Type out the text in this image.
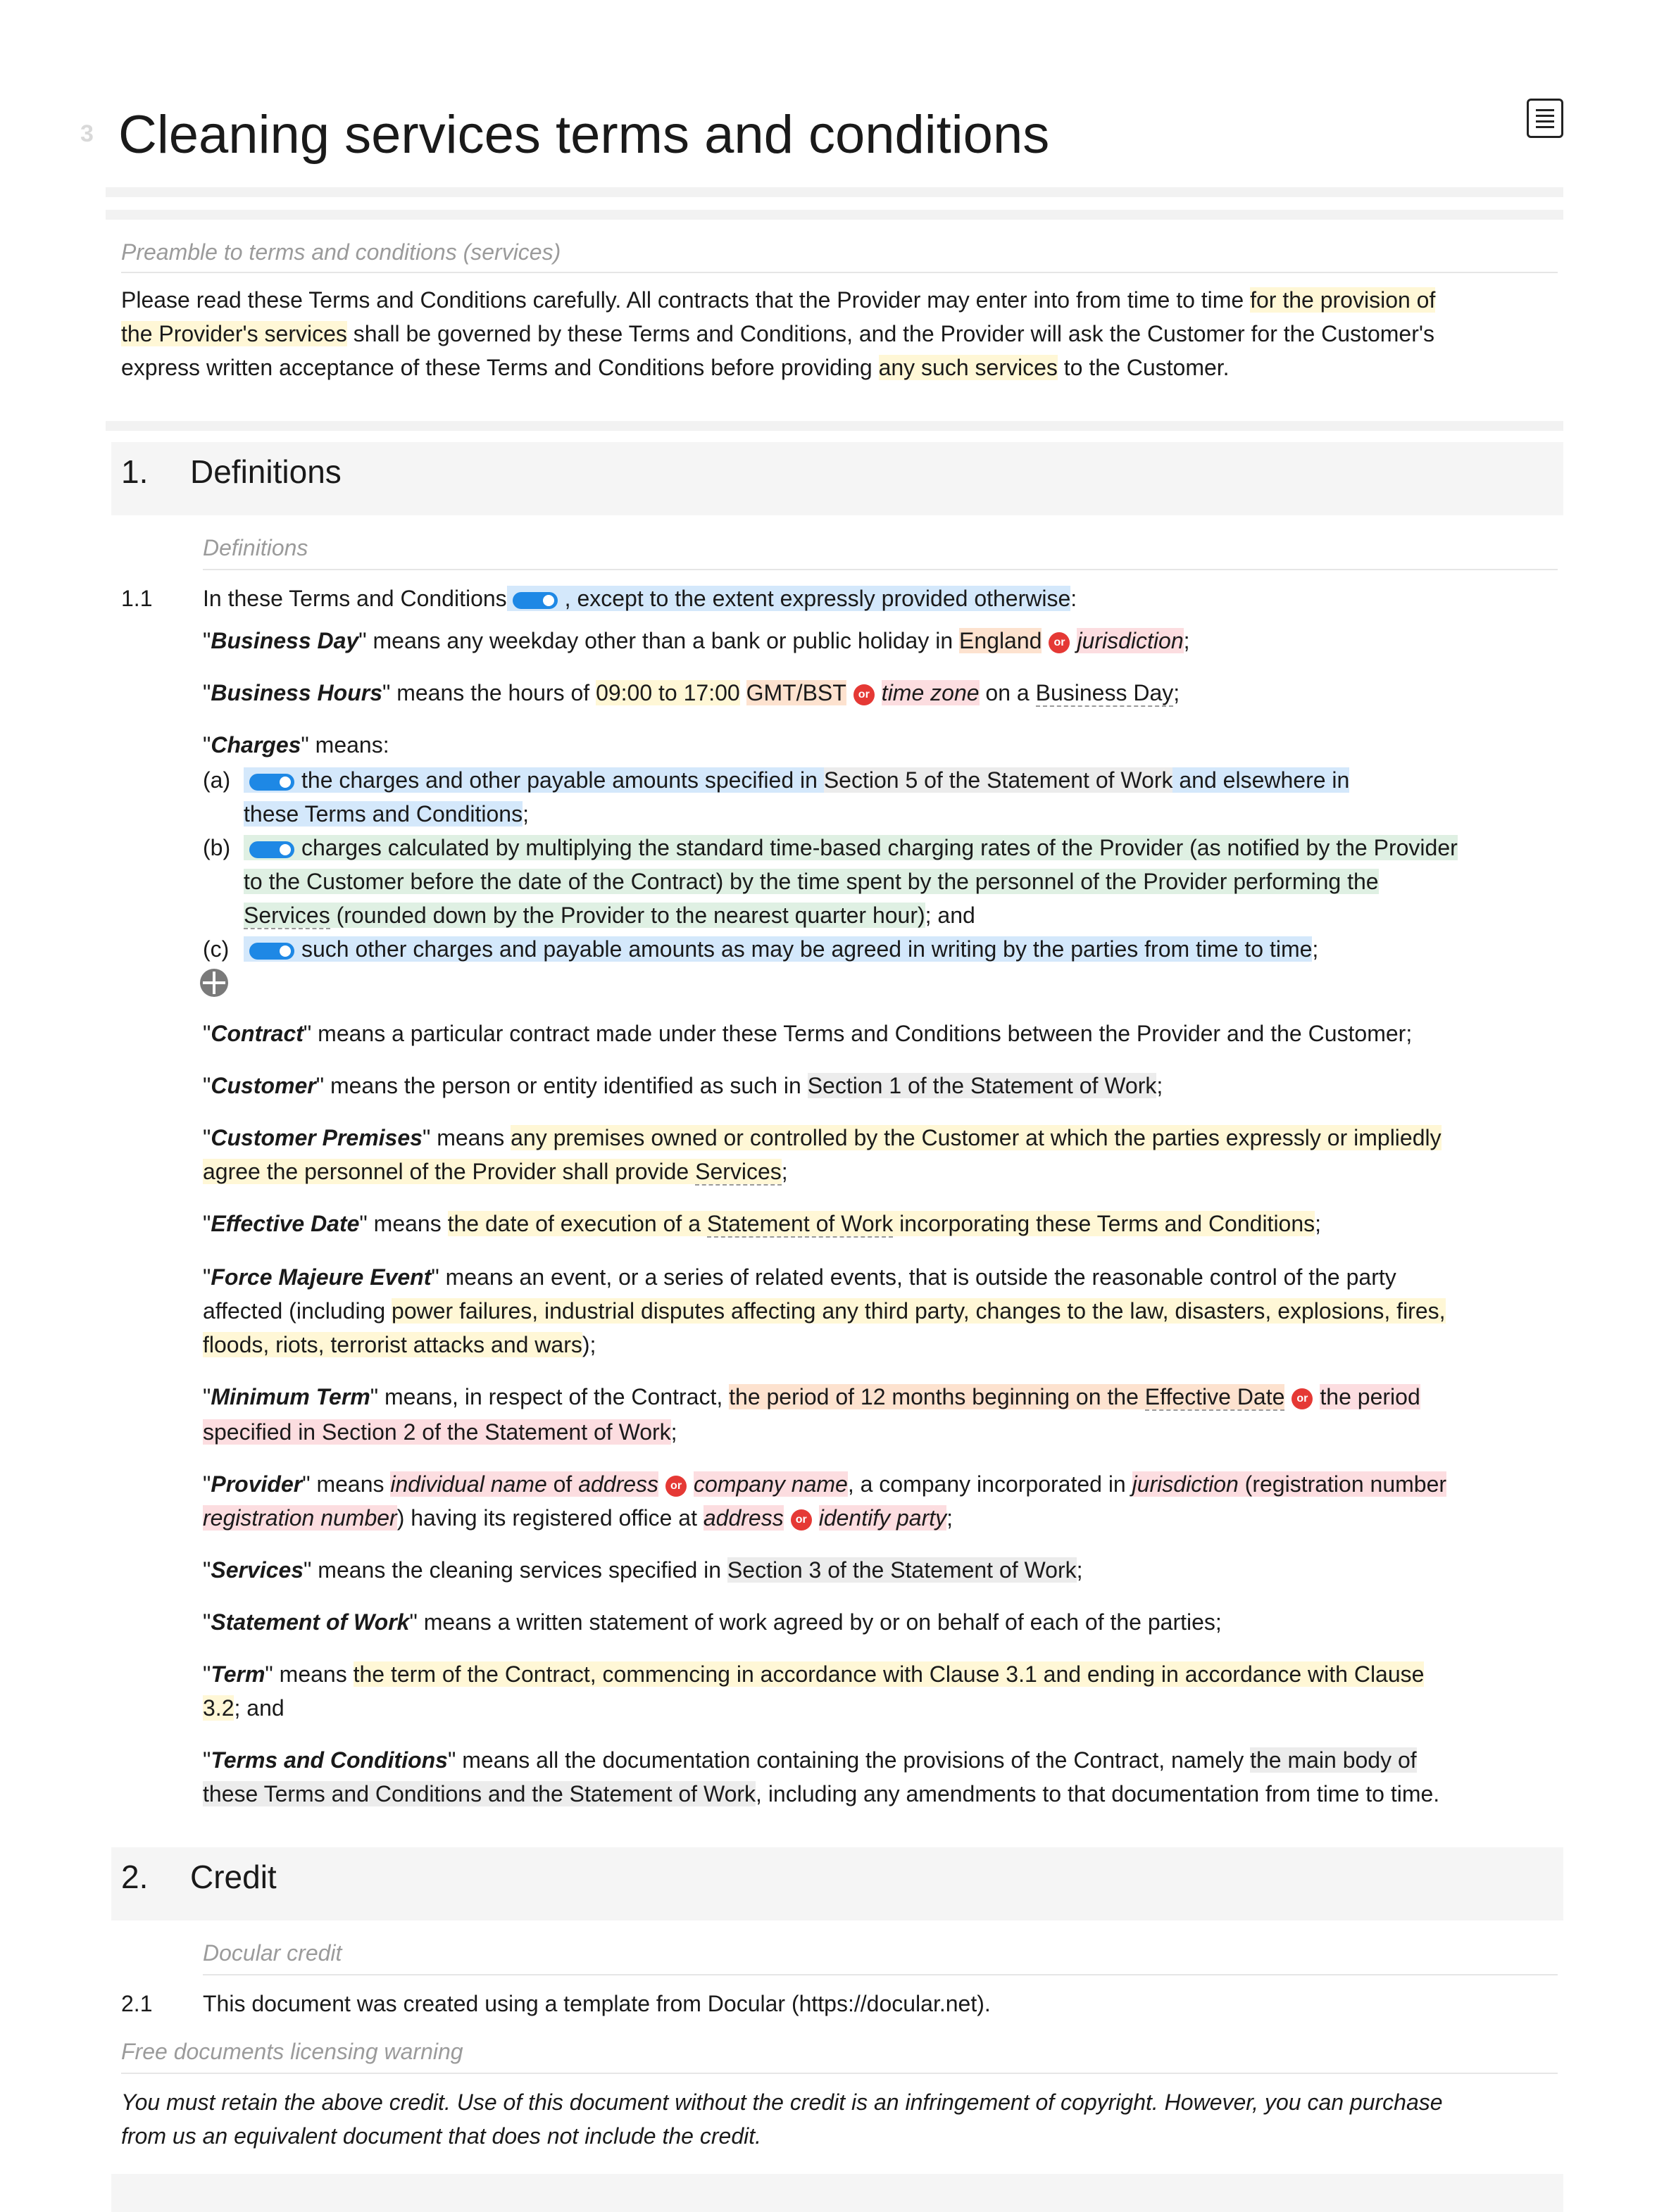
3 Cleaning services terms and conditions
Preamble to terms and conditions (services)
Please read these Terms and Conditions carefully. All contracts that the Provider may enter into from time to time for the provision of
the Provider's services shall be governed by these Terms and Conditions, and the Provider will ask the Customer for the Customer's
express written acceptance of these Terms and Conditions before providing any such services to the Customer.
1. Definitions
Definitions
1.1 In these Terms and Conditions	, except to the extent expressly provided otherwise:
"Business Day" means any weekday other than a bank or public holiday in England or jurisdiction;
"Business Hours" means the hours of 09:00 to 17:00 GMT/BST or time zone on a Business Day;
"Charges" means:
(a)	the charges and other payable amounts specified in Section 5 of the Statement of Work and elsewhere in
these Terms and Conditions;
(b)	charges calculated by multiplying the standard time-based charging rates of the Provider (as notified by the Provider
to the Customer before the date of the Contract) by the time spent by the personnel of the Provider performing the
Services (rounded down by the Provider to the nearest quarter hour); and
(c)	such other charges and payable amounts as may be agreed in writing by the parties from time to time;
"Contract" means a particular contract made under these Terms and Conditions between the Provider and the Customer;
"Customer" means the person or entity identified as such in Section 1 of the Statement of Work;
"Customer Premises" means any premises owned or controlled by the Customer at which the parties expressly or impliedly
agree the personnel of the Provider shall provide Services;
"Effective Date" means the date of execution of a Statement of Work incorporating these Terms and Conditions;
"Force Majeure Event" means an event, or a series of related events, that is outside the reasonable control of the party
affected (including power failures, industrial disputes affecting any third party, changes to the law, disasters, explosions, fires,
floods, riots, terrorist attacks and wars);
"Minimum Term" means, in respect of the Contract, the period of 12 months beginning on the Effective Date or the period
specified in Section 2 of the Statement of Work;
"Provider" means individual name of address or company name, a company incorporated in jurisdiction (registration number
registration number) having its registered office at address or identify party;
"Services" means the cleaning services specified in Section 3 of the Statement of Work;
"Statement of Work" means a written statement of work agreed by or on behalf of each of the parties;
"Term" means the term of the Contract, commencing in accordance with Clause 3.1 and ending in accordance with Clause
3.2; and
"Terms and Conditions" means all the documentation containing the provisions of the Contract, namely the main body of
these Terms and Conditions and the Statement of Work, including any amendments to that documentation from time to time.
2. Credit
Docular credit
2.1 This document was created using a template from Docular (https://docular.net).
Free documents licensing warning
You must retain the above credit. Use of this document without the credit is an infringement of copyright. However, you can purchase
from us an equivalent document that does not include the credit.
